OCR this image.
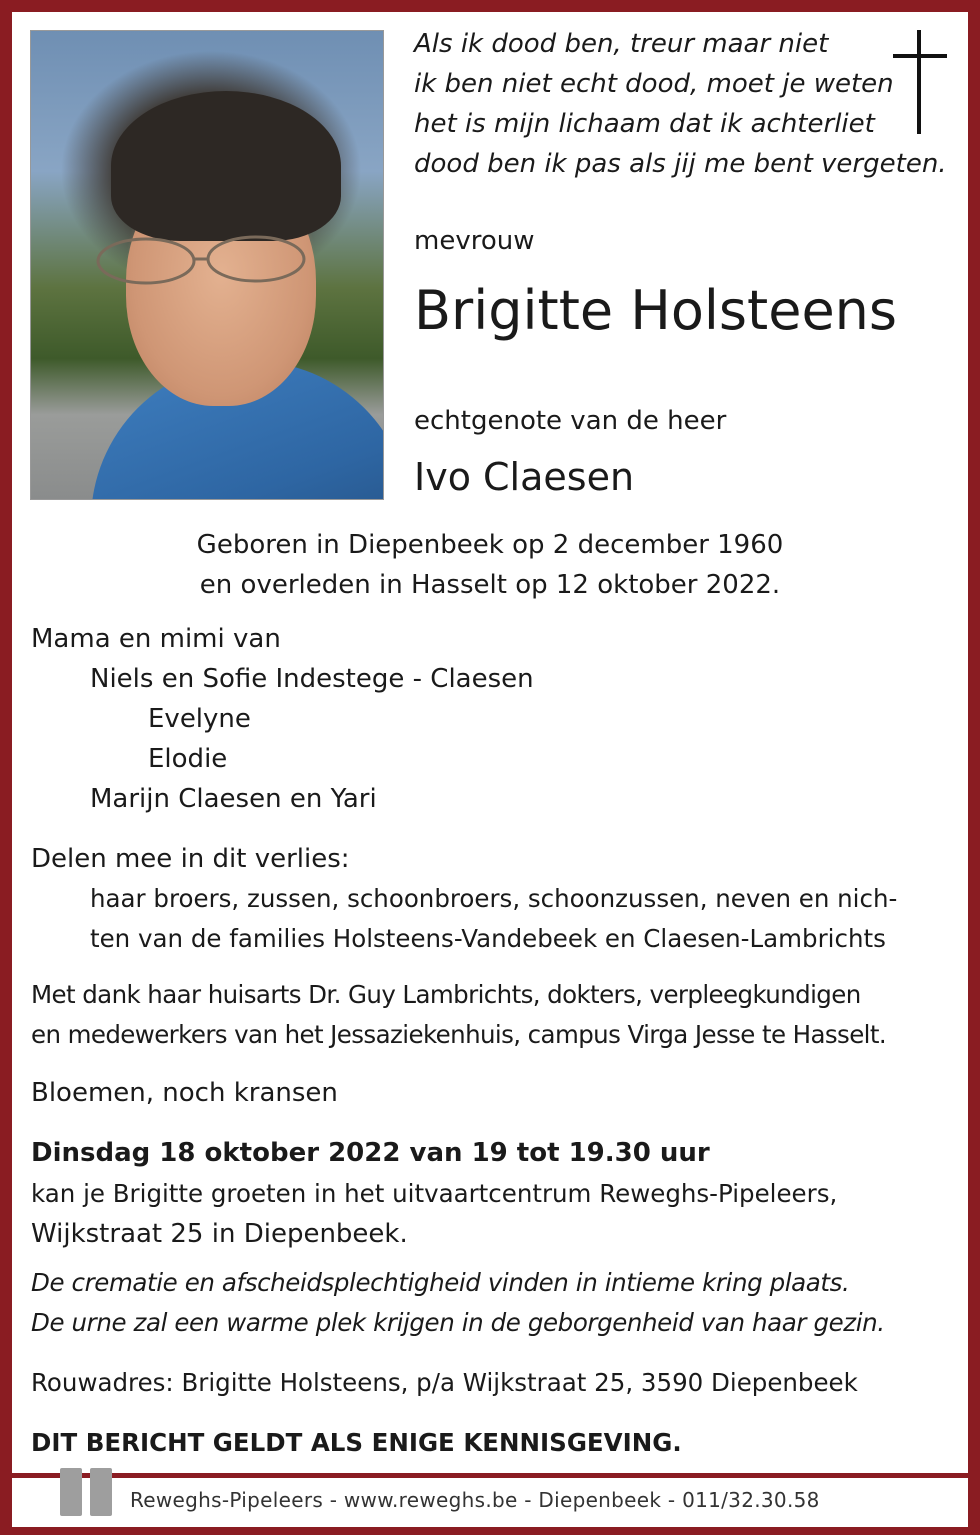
Als ik dood ben, treur maar niet
ik ben niet echt dood, moet je weten
het is mijn lichaam dat ik achterliet
dood ben ik pas als jij me bent vergeten.
mevrouw
Brigitte Holsteens
echtgenote van de heer
Ivo Claesen
Geboren in Diepenbeek op 2 december 1960
en overleden in Hasselt op 12 oktober 2022.
Mama en mimi van
Niels en Sofie Indestege - Claesen
Evelyne
Elodie
Marijn Claesen en Yari
Delen mee in dit verlies:
haar broers, zussen, schoonbroers, schoonzussen, neven en nich-
ten van de families Holsteens-Vandebeek en Claesen-Lambrichts
Met dank haar huisarts Dr. Guy Lambrichts, dokters, verpleegkundigen
en medewerkers van het Jessaziekenhuis, campus Virga Jesse te Hasselt.
Bloemen, noch kransen
Dinsdag 18 oktober 2022 van 19 tot 19.30 uur
kan je Brigitte groeten in het uitvaartcentrum Reweghs-Pipeleers,
Wijkstraat 25 in Diepenbeek.
De crematie en afscheidsplechtigheid vinden in intieme kring plaats.
De urne zal een warme plek krijgen in de geborgenheid van haar gezin.
Rouwadres: Brigitte Holsteens, p/a Wijkstraat 25, 3590 Diepenbeek
DIT BERICHT GELDT ALS ENIGE KENNISGEVING.
Reweghs-Pipeleers - www.reweghs.be - Diepenbeek - 011/32.30.58
